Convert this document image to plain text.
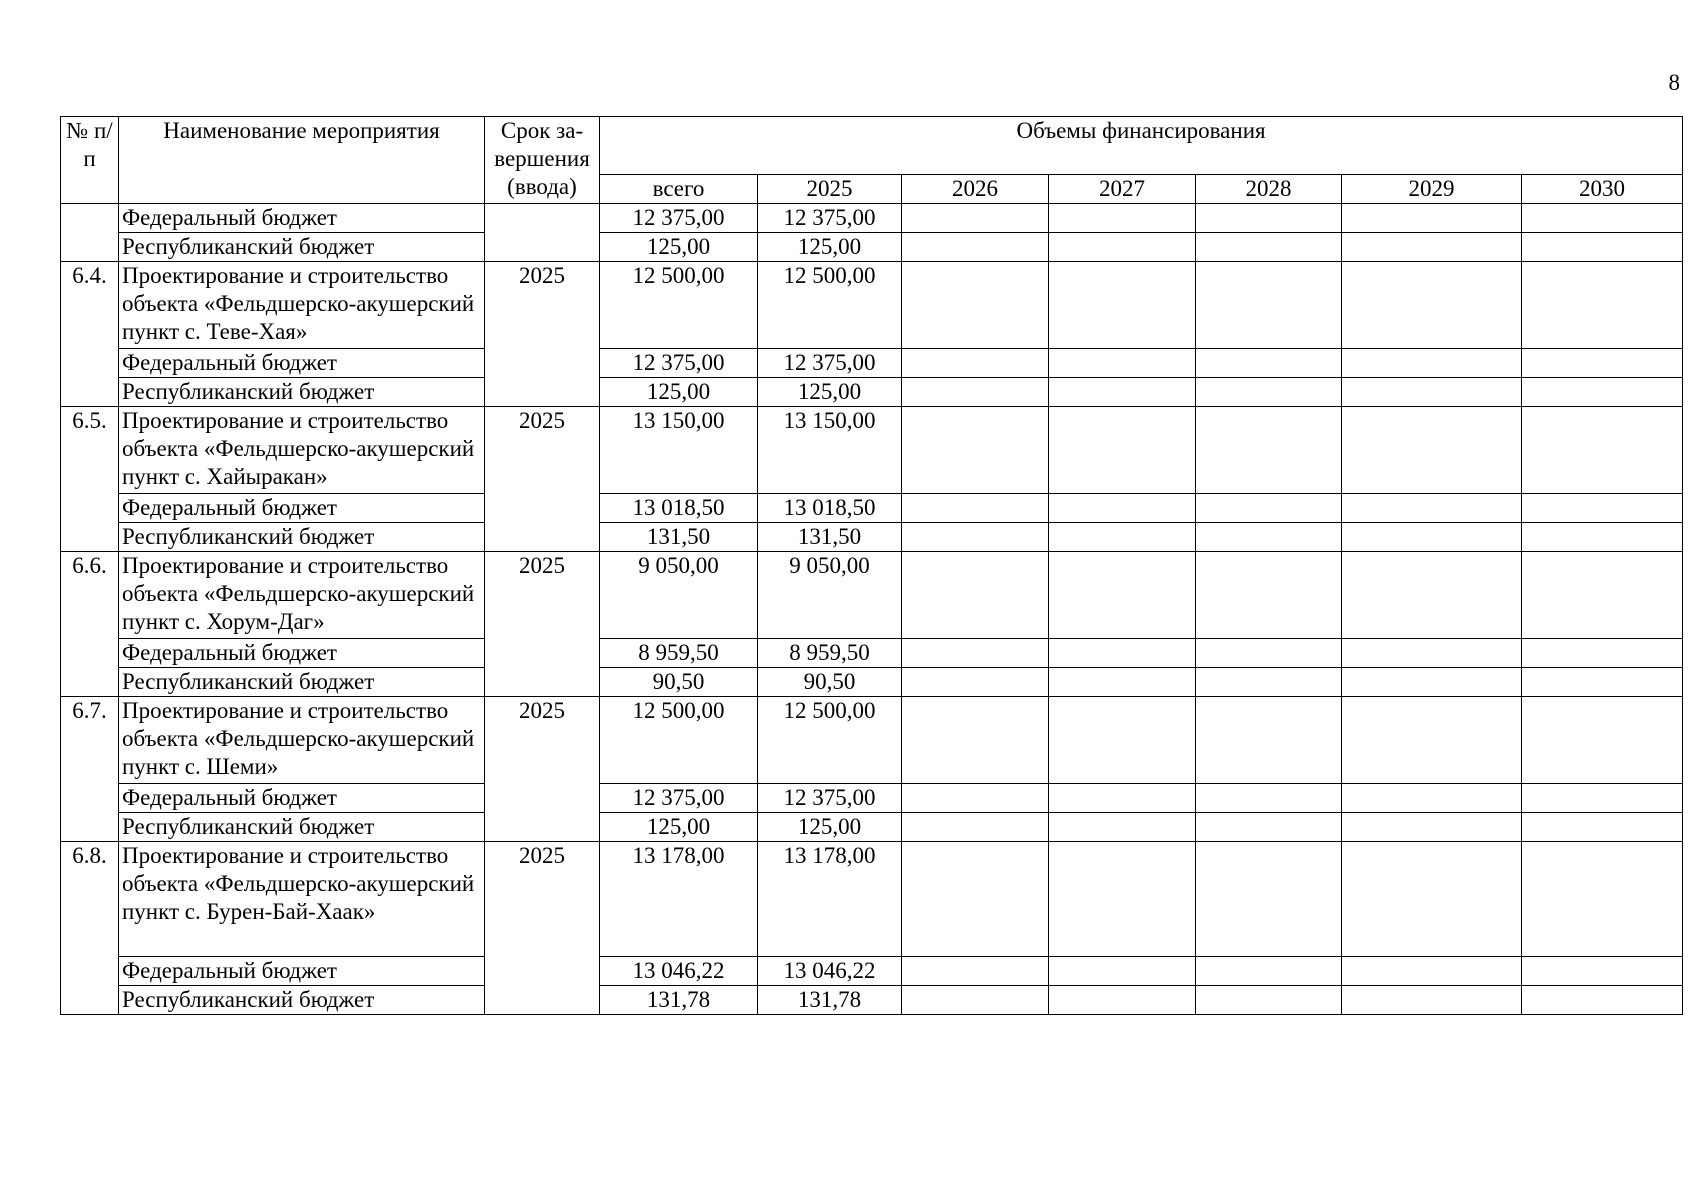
8
№ п/п	Наименование мероприятия	Срок за-вершения (ввода)	Объемы финансирования						
			всего	2025	2026	2027	2028	2029	2030
	Федеральный бюджет		12 375,00	12 375,00					
	Республиканский бюджет		125,00	125,00					
6.4.	Проектирование и строительство объекта «Фельдшерско-акушерский пункт с. Теве-Хая»	2025	12 500,00	12 500,00					
	Федеральный бюджет		12 375,00	12 375,00					
	Республиканский бюджет		125,00	125,00					
6.5.	Проектирование и строительство объекта «Фельдшерско-акушерский пункт с. Хайыракан»	2025	13 150,00	13 150,00					
	Федеральный бюджет		13 018,50	13 018,50					
	Республиканский бюджет		131,50	131,50					
6.6.	Проектирование и строительство объекта «Фельдшерско-акушерский пункт с. Хорум-Даг»	2025	9 050,00	9 050,00					
	Федеральный бюджет		8 959,50	8 959,50					
	Республиканский бюджет		90,50	90,50					
6.7.	Проектирование и строительство объекта «Фельдшерско-акушерский пункт с. Шеми»	2025	12 500,00	12 500,00					
	Федеральный бюджет		12 375,00	12 375,00					
	Республиканский бюджет		125,00	125,00					
6.8.	Проектирование и строительство объекта «Фельдшерско-акушерский пункт с. Бурен-Бай-Хаак»	2025	13 178,00	13 178,00					
	Федеральный бюджет		13 046,22	13 046,22					
	Республиканский бюджет		131,78	131,78					
